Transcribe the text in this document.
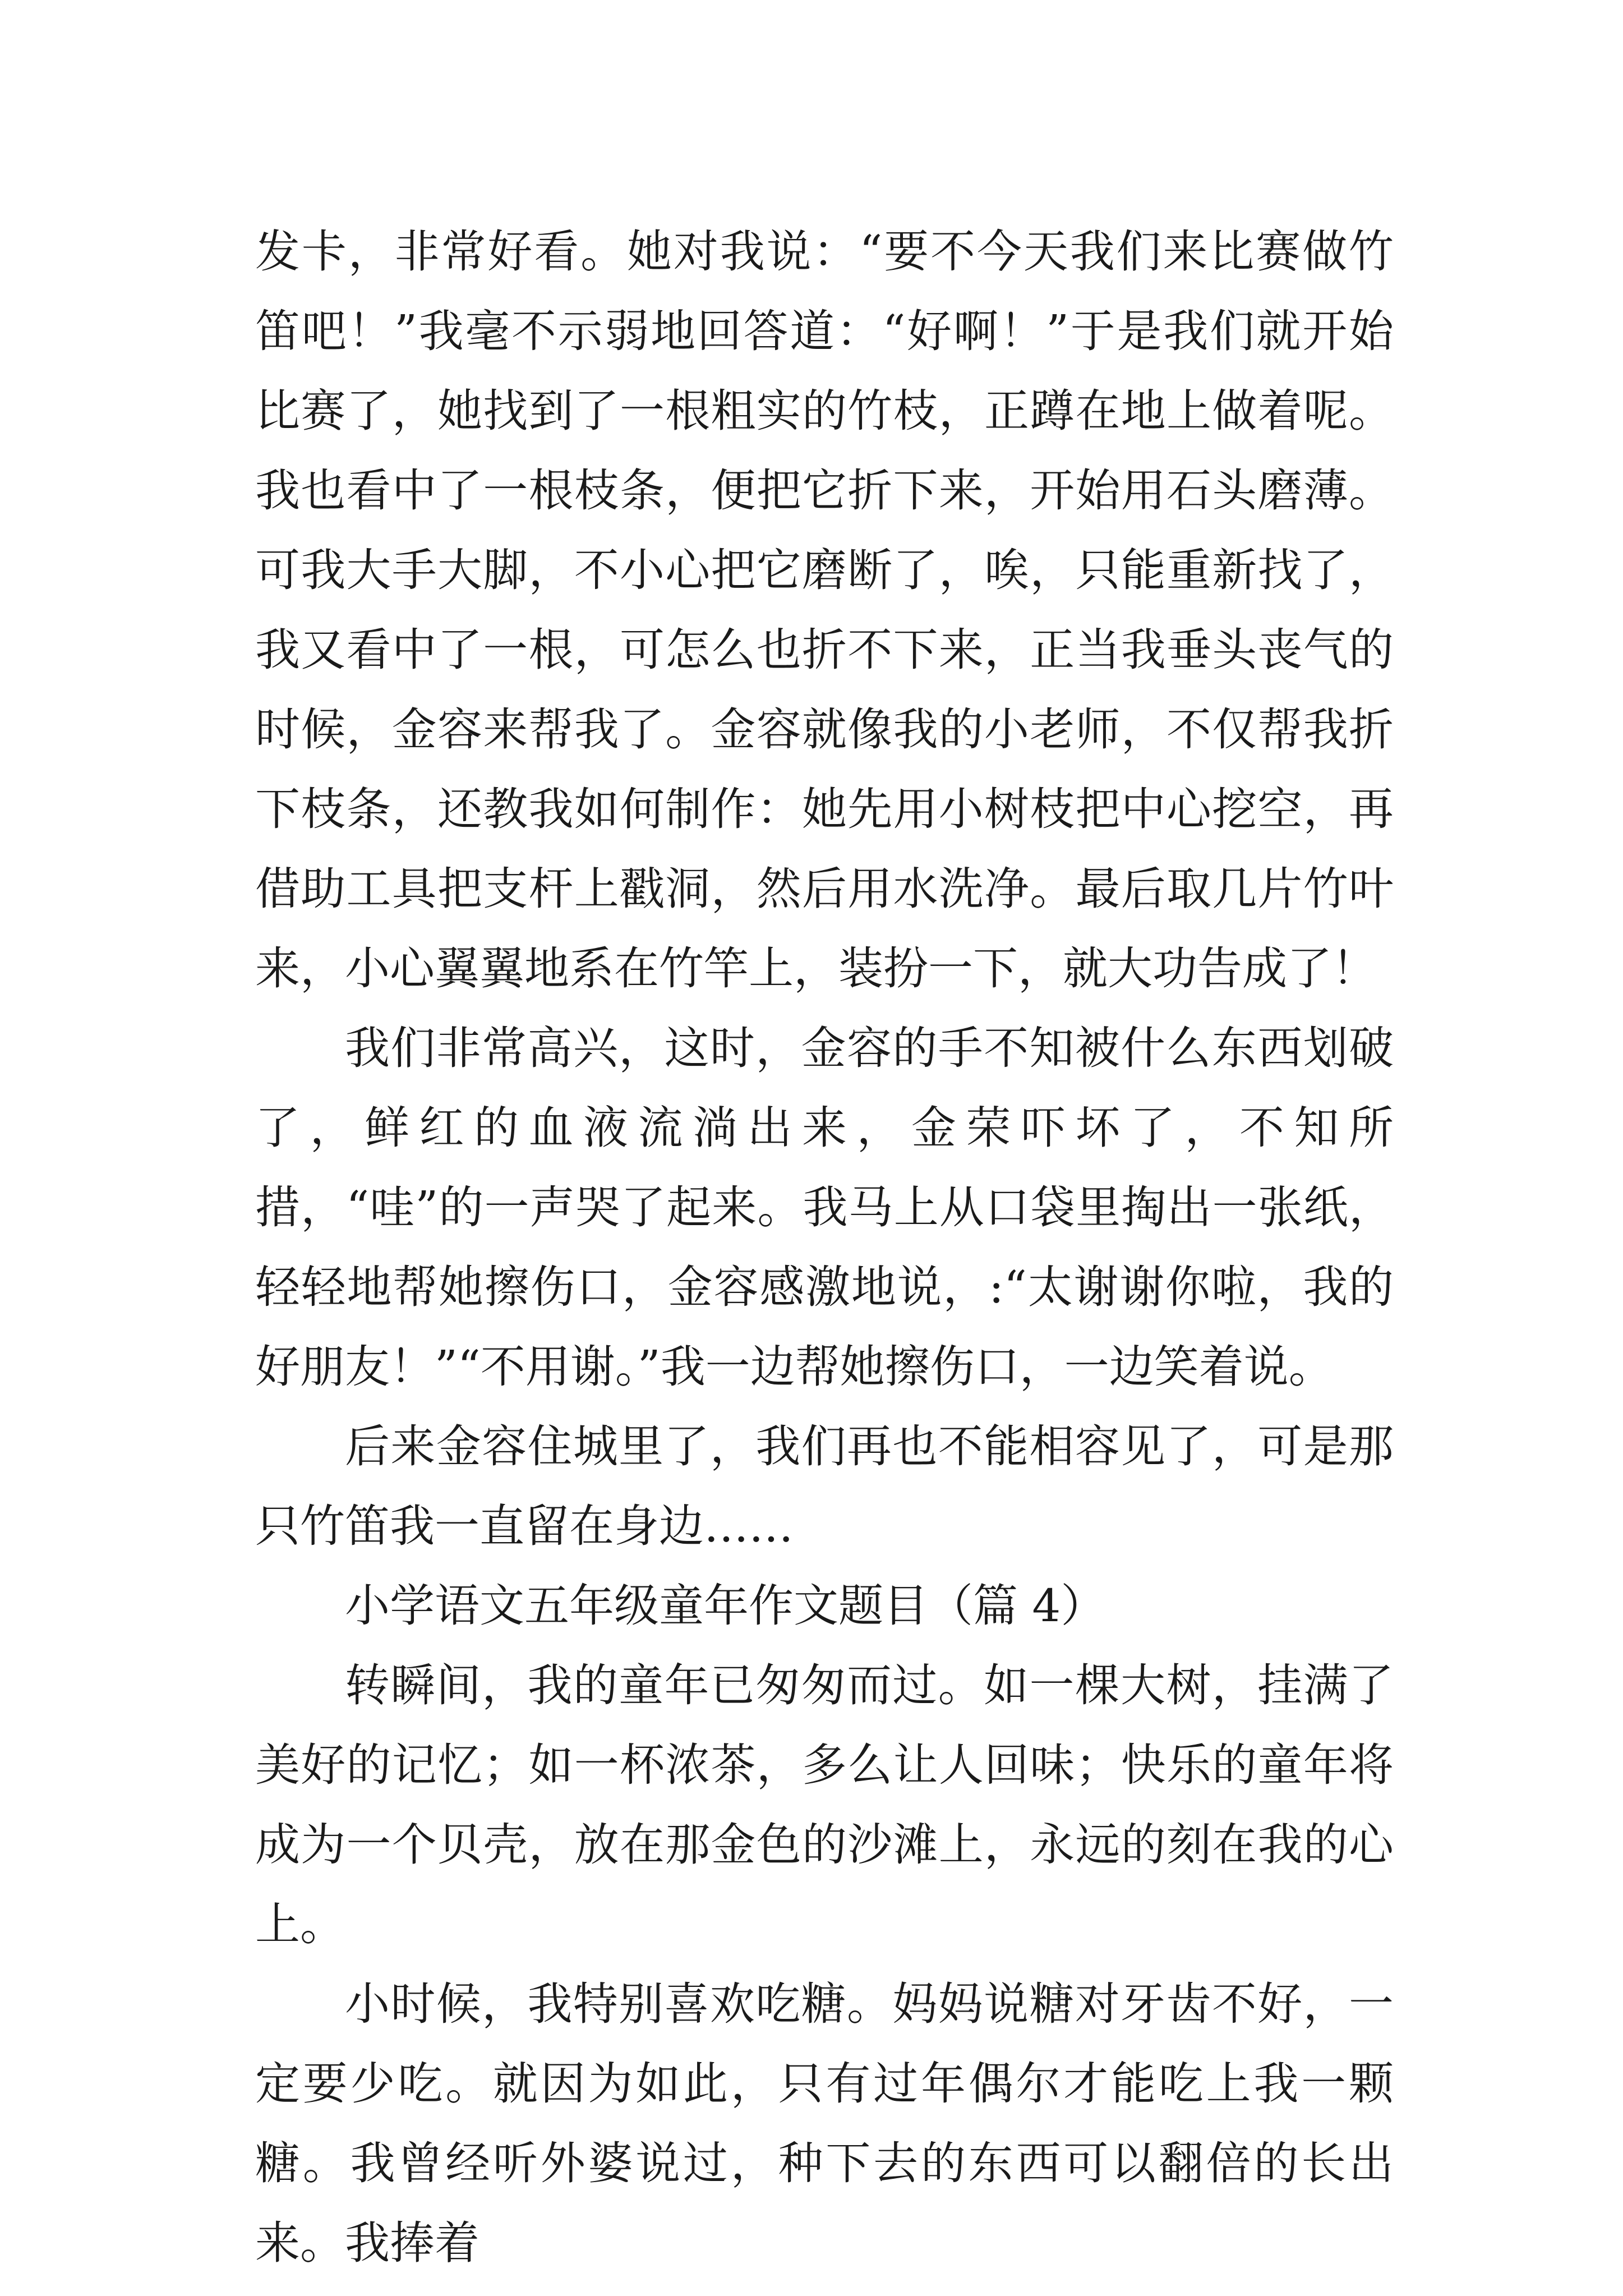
发卡，非常好看。她对我说：“要不今天我们来比赛做竹笛吧！”我毫不示弱地回答道：“好啊！”于是我们就开始比赛了，她找到了一根粗实的竹枝，正蹲在地上做着呢。我也看中了一根枝条，便把它折下来，开始用石头磨薄。可我大手大脚，不小心把它磨断了，唉，只能重新找了，我又看中了一根，可怎么也折不下来，正当我垂头丧气的时候，金容来帮我了。金容就像我的小老师，不仅帮我折下枝条，还教我如何制作：她先用小树枝把中心挖空，再借助工具把支杆上戳洞，然后用水洗净。最后取几片竹叶来，小心翼翼地系在竹竿上，装扮一下，就大功告成了！

我们非常高兴，这时，金容的手不知被什么东西划破了，鲜红的血液流淌出来，金荣吓坏了，不知所措，“哇”的一声哭了起来。我马上从口袋里掏出一张纸，轻轻地帮她擦伤口，金容感激地说，:“太谢谢你啦，我的好朋友！”“不用谢。”我一边帮她擦伤口，一边笑着说。

后来金容住城里了，我们再也不能相容见了，可是那只竹笛我一直留在身边……

小学语文五年级童年作文题目（篇 4）

转瞬间，我的童年已匆匆而过。如一棵大树，挂满了美好的记忆；如一杯浓茶，多么让人回味；快乐的童年将成为一个贝壳，放在那金色的沙滩上，永远的刻在我的心上。

小时候，我特别喜欢吃糖。妈妈说糖对牙齿不好，一定要少吃。就因为如此，只有过年偶尔才能吃上我一颗糖。我曾经听外婆说过，种下去的东西可以翻倍的长出来。我捧着
